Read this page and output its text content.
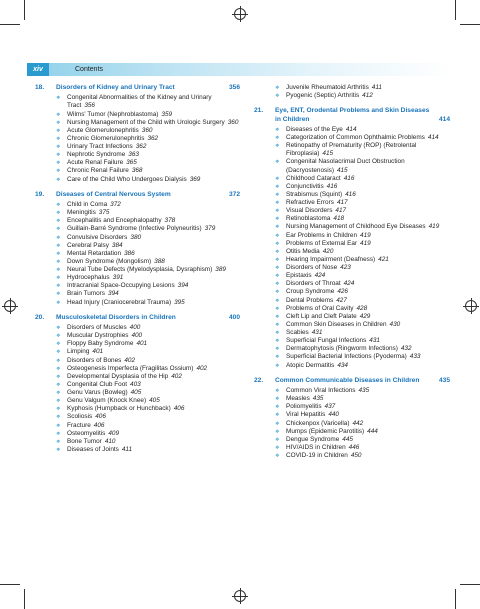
xiv	Contents
18.	Disorders of Kidney and Urinary Tract	356
❖ Congenital Abnormalities of the Kidney and Urinary Tract 356
❖ Wilms' Tumor (Nephroblastoma) 359
❖ Nursing Management of the Child with Urologic Surgery 360
❖ Acute Glomerulonephritis 360
❖ Chronic Glomerulonephritis 362
❖ Urinary Tract Infections 362
❖ Nephrotic Syndrome 363
❖ Acute Renal Failure 365
❖ Chronic Renal Failure 368
❖ Care of the Child Who Undergoes Dialysis 369
19.	Diseases of Central Nervous System	372
❖ Child in Coma 372
❖ Meningitis 375
❖ Encephalitis and Encephalopathy 378
❖ Guillain-Barré Syndrome (Infective Polyneuritis) 379
❖ Convulsive Disorders 380
❖ Cerebral Palsy 384
❖ Mental Retardation 386
❖ Down Syndrome (Mongolism) 388
❖ Neural Tube Defects (Myelodysplasia, Dysraphism) 389
❖ Hydrocephalus 391
❖ Intracranial Space-Occupying Lesions 394
❖ Brain Tumors 394
❖ Head Injury (Craniocerebral Trauma) 395
20.	Musculoskeletal Disorders in Children	400
❖ Disorders of Muscles 400
❖ Muscular Dystrophies 400
❖ Floppy Baby Syndrome 401
❖ Limping 401
❖ Disorders of Bones 402
❖ Osteogenesis Imperfecta (Fragilitas Ossium) 402
❖ Developmental Dysplasia of the Hip 402
❖ Congenital Club Foot 403
❖ Genu Varus (Bowleg) 405
❖ Genu Valgum (Knock Knee) 405
❖ Kyphosis (Humpback or Hunchback) 406
❖ Scoliosis 406
❖ Fracture 406
❖ Osteomyelitis 409
❖ Bone Tumor 410
❖ Diseases of Joints 411
❖ Juvenile Rheumatoid Arthritis 411
❖ Pyogenic (Septic) Arthritis 412
21.	Eye, ENT, Orodental Problems and Skin Diseases in Children	414
❖ Diseases of the Eye 414
❖ Categorization of Common Ophthalmic Problems 414
❖ Retinopathy of Prematurity (ROP) (Retrolental Fibroplasia) 415
❖ Congenital Nasolacrimal Duct Obstruction (Dacryostenosis) 415
❖ Childhood Cataract 416
❖ Conjunctivitis 416
❖ Strabismus (Squint) 416
❖ Refractive Errors 417
❖ Visual Disorders 417
❖ Retinoblastoma 418
❖ Nursing Management of Childhood Eye Diseases 419
❖ Ear Problems in Children 419
❖ Problems of External Ear 419
❖ Otitis Media 420
❖ Hearing Impairment (Deafness) 421
❖ Disorders of Nose 423
❖ Epistaxis 424
❖ Disorders of Throat 424
❖ Croup Syndrome 426
❖ Dental Problems 427
❖ Problems of Oral Cavity 428
❖ Cleft Lip and Cleft Palate 429
❖ Common Skin Diseases in Children 430
❖ Scabies 431
❖ Superficial Fungal Infections 431
❖ Dermatophytosis (Ringworm Infections) 432
❖ Superficial Bacterial Infections (Pyoderma) 433
❖ Atopic Dermatitis 434
22.	Common Communicable Diseases in Children	435
❖ Common Viral Infections 435
❖ Measles 435
❖ Poliomyelitis 437
❖ Viral Hepatitis 440
❖ Chickenpox (Varicella) 442
❖ Mumps (Epidemic Parotitis) 444
❖ Dengue Syndrome 445
❖ HIV/AIDS in Children 446
❖ COVID-19 in Children 450
